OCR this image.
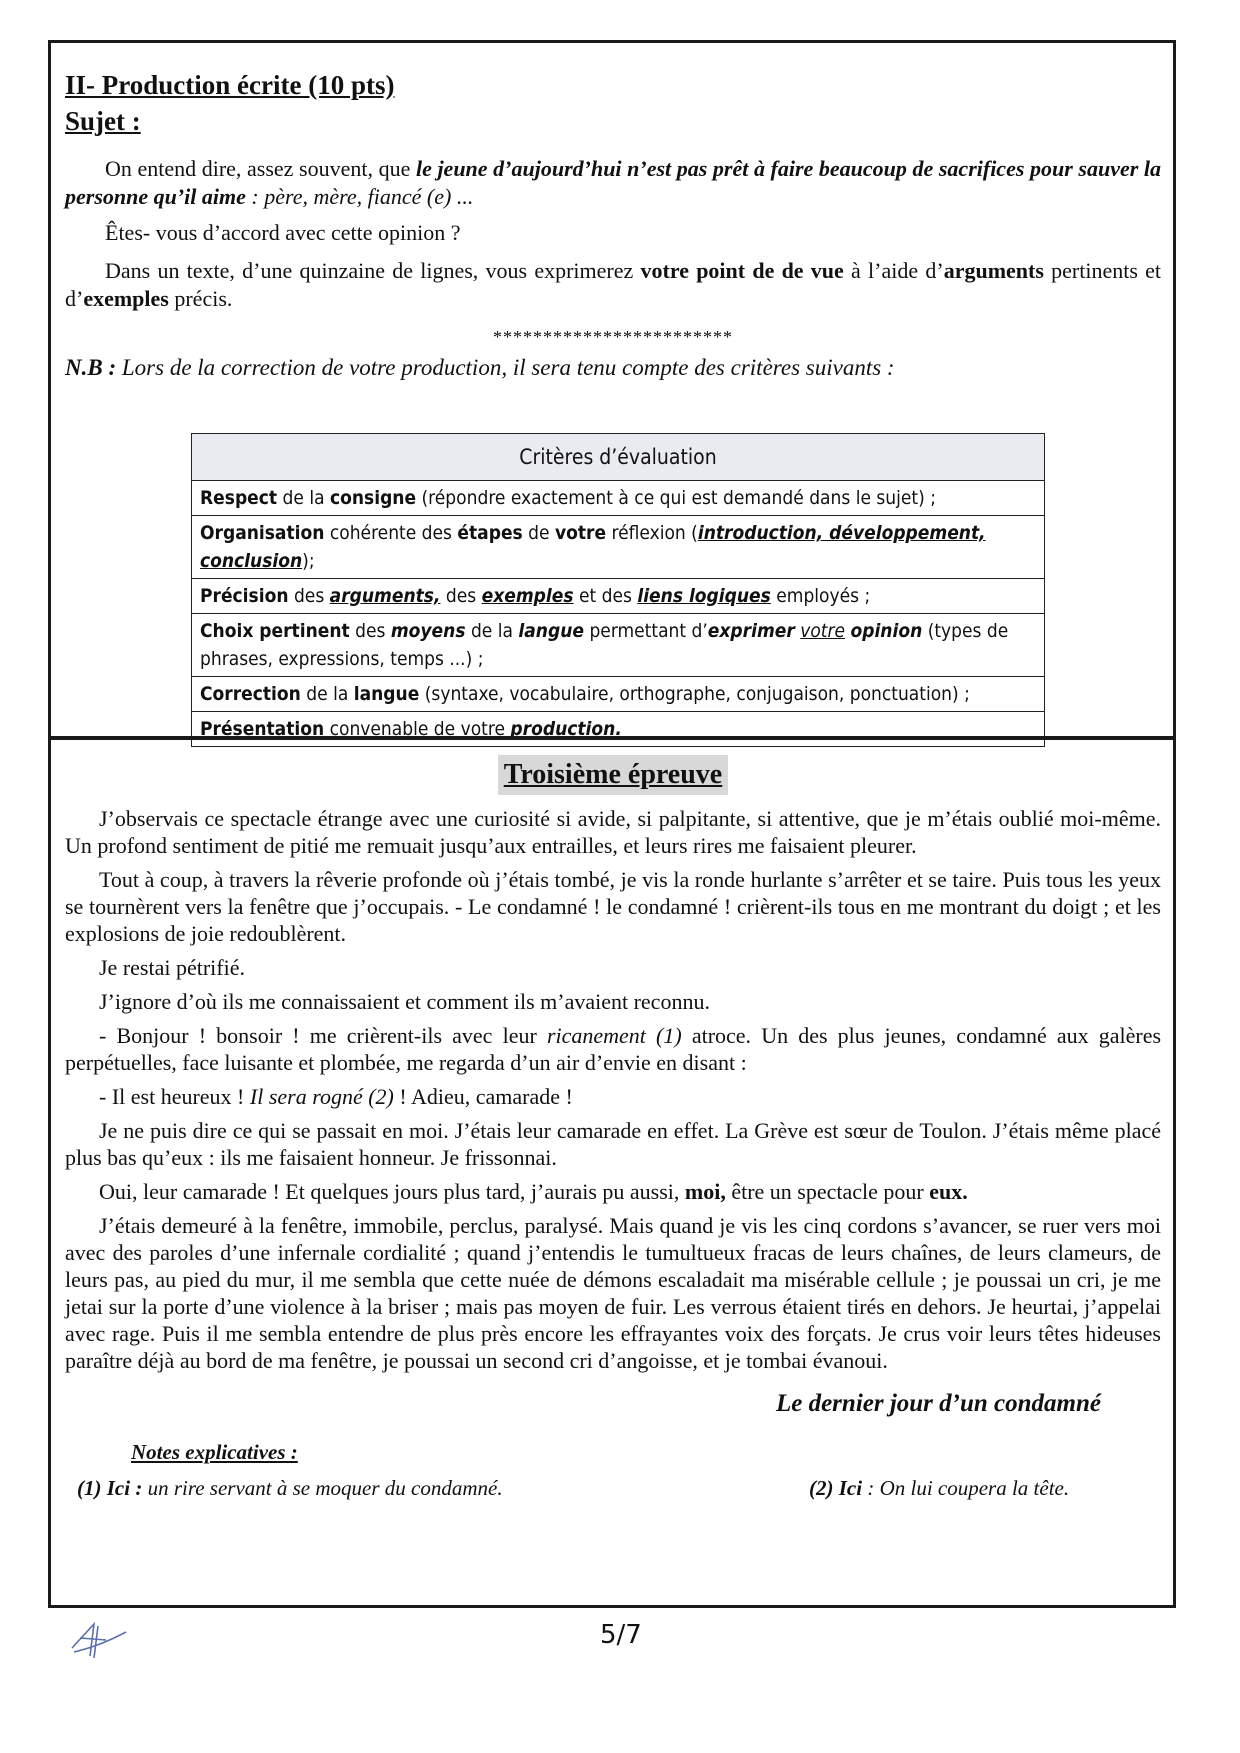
II- Production écrite (10 pts)

Sujet :

On entend dire, assez souvent, que le jeune d’aujourd’hui n’est pas prêt à faire beaucoup de sacrifices pour sauver la personne qu’il aime : père, mère, fiancé (e) ...

Êtes- vous d’accord avec cette opinion ?

Dans un texte, d’une quinzaine de lignes, vous exprimerez votre point de de vue à l’aide d’arguments pertinents et d’exemples précis.

************************

N.B : Lors de la correction de votre production, il sera tenu compte des critères suivants :

Critères d’évaluation
Respect de la consigne (répondre exactement à ce qui est demandé dans le sujet) ;
Organisation cohérente des étapes de votre réflexion (introduction, développement, conclusion);
Précision des arguments, des exemples et des liens logiques employés ;
Choix pertinent des moyens de la langue permettant d’exprimer votre opinion (types de phrases, expressions, temps ...) ;
Correction de la langue (syntaxe, vocabulaire, orthographe, conjugaison, ponctuation) ;
Présentation convenable de votre production.
Troisième épreuve

J’observais ce spectacle étrange avec une curiosité si avide, si palpitante, si attentive, que je m’étais oublié moi-même. Un profond sentiment de pitié me remuait jusqu’aux entrailles, et leurs rires me faisaient pleurer.

Tout à coup, à travers la rêverie profonde où j’étais tombé, je vis la ronde hurlante s’arrêter et se taire. Puis tous les yeux se tournèrent vers la fenêtre que j’occupais. - Le condamné ! le condamné ! crièrent-ils tous en me montrant du doigt ; et les explosions de joie redoublèrent.

Je restai pétrifié.

J’ignore d’où ils me connaissaient et comment ils m’avaient reconnu.

- Bonjour ! bonsoir ! me crièrent-ils avec leur ricanement (1) atroce. Un des plus jeunes, condamné aux galères perpétuelles, face luisante et plombée, me regarda d’un air d’envie en disant :

- Il est heureux ! Il sera rogné (2) ! Adieu, camarade !

Je ne puis dire ce qui se passait en moi. J’étais leur camarade en effet. La Grève est sœur de Toulon. J’étais même placé plus bas qu’eux : ils me faisaient honneur. Je frissonnai.

Oui, leur camarade ! Et quelques jours plus tard, j’aurais pu aussi, moi, être un spectacle pour eux.

J’étais demeuré à la fenêtre, immobile, perclus, paralysé. Mais quand je vis les cinq cordons s’avancer, se ruer vers moi avec des paroles d’une infernale cordialité ; quand j’entendis le tumultueux fracas de leurs chaînes, de leurs clameurs, de leurs pas, au pied du mur, il me sembla que cette nuée de démons escaladait ma misérable cellule ; je poussai un cri, je me jetai sur la porte d’une violence à la briser ; mais pas moyen de fuir. Les verrous étaient tirés en dehors. Je heurtai, j’appelai avec rage. Puis il me sembla entendre de plus près encore les effrayantes voix des forçats. Je crus voir leurs têtes hideuses paraître déjà au bord de ma fenêtre, je poussai un second cri d’angoisse, et je tombai évanoui.

Le dernier jour d’un condamné
Notes explicatives :
(1) Ici : un rire servant à se moquer du condamné.	(2) Ici : On lui coupera la tête.
5/7
